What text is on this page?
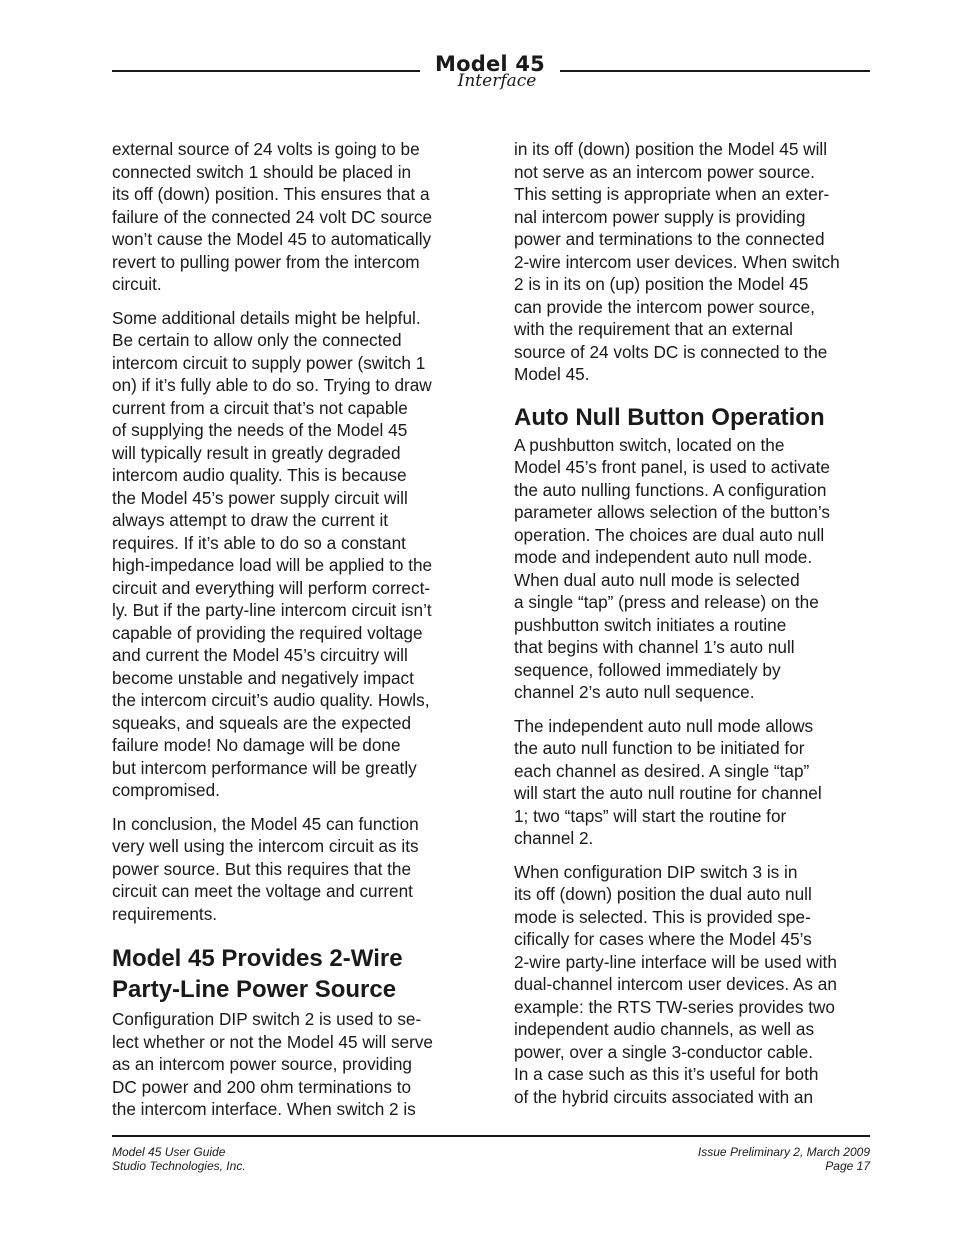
Model 45
Interface

external source of 24 volts is going to be
connected switch 1 should be placed in
its off (down) position. This ensures that a
failure of the connected 24 volt DC source
won’t cause the Model 45 to automatically
revert to pulling power from the intercom
circuit.

Some additional details might be helpful.
Be certain to allow only the connected
intercom circuit to supply power (switch 1
on) if it’s fully able to do so. Trying to draw
current from a circuit that’s not capable
of supplying the needs of the Model 45
will typically result in greatly degraded
intercom audio quality. This is because
the Model 45’s power supply circuit will
always attempt to draw the current it
requires. If it’s able to do so a constant
high-impedance load will be applied to the
circuit and everything will perform correct-
ly. But if the party-line intercom circuit isn’t
capable of providing the required voltage
and current the Model 45’s circuitry will
become unstable and negatively impact
the intercom circuit’s audio quality. Howls,
squeaks, and squeals are the expected
failure mode! No damage will be done
but intercom performance will be greatly
compromised.

In conclusion, the Model 45 can function
very well using the intercom circuit as its
power source. But this requires that the
circuit can meet the voltage and current
requirements.

Model 45 Provides 2-Wire
Party-Line Power Source

Configuration DIP switch 2 is used to se-
lect whether or not the Model 45 will serve
as an intercom power source, providing
DC power and 200 ohm terminations to
the intercom interface. When switch 2 is

in its off (down) position the Model 45 will
not serve as an intercom power source.
This setting is appropriate when an exter-
nal intercom power supply is providing
power and terminations to the connected
2-wire intercom user devices. When switch
2 is in its on (up) position the Model 45
can provide the intercom power source,
with the requirement that an external
source of 24 volts DC is connected to the
Model 45.

Auto Null Button Operation

A pushbutton switch, located on the
Model 45’s front panel, is used to activate
the auto nulling functions. A configuration
parameter allows selection of the button’s
operation. The choices are dual auto null
mode and independent auto null mode.
When dual auto null mode is selected
a single “tap” (press and release) on the
pushbutton switch initiates a routine
that begins with channel 1’s auto null
sequence, followed immediately by
channel 2’s auto null sequence.

The independent auto null mode allows
the auto null function to be initiated for
each channel as desired. A single “tap”
will start the auto null routine for channel
1; two “taps” will start the routine for
channel 2.

When configuration DIP switch 3 is in
its off (down) position the dual auto null
mode is selected. This is provided spe-
cifically for cases where the Model 45’s
2-wire party-line interface will be used with
dual-channel intercom user devices. As an
example: the RTS TW-series provides two
independent audio channels, as well as
power, over a single 3-conductor cable.
In a case such as this it’s useful for both
of the hybrid circuits associated with an

Model 45 User Guide
Studio Technologies, Inc.
Issue Preliminary 2, March 2009
Page 17
